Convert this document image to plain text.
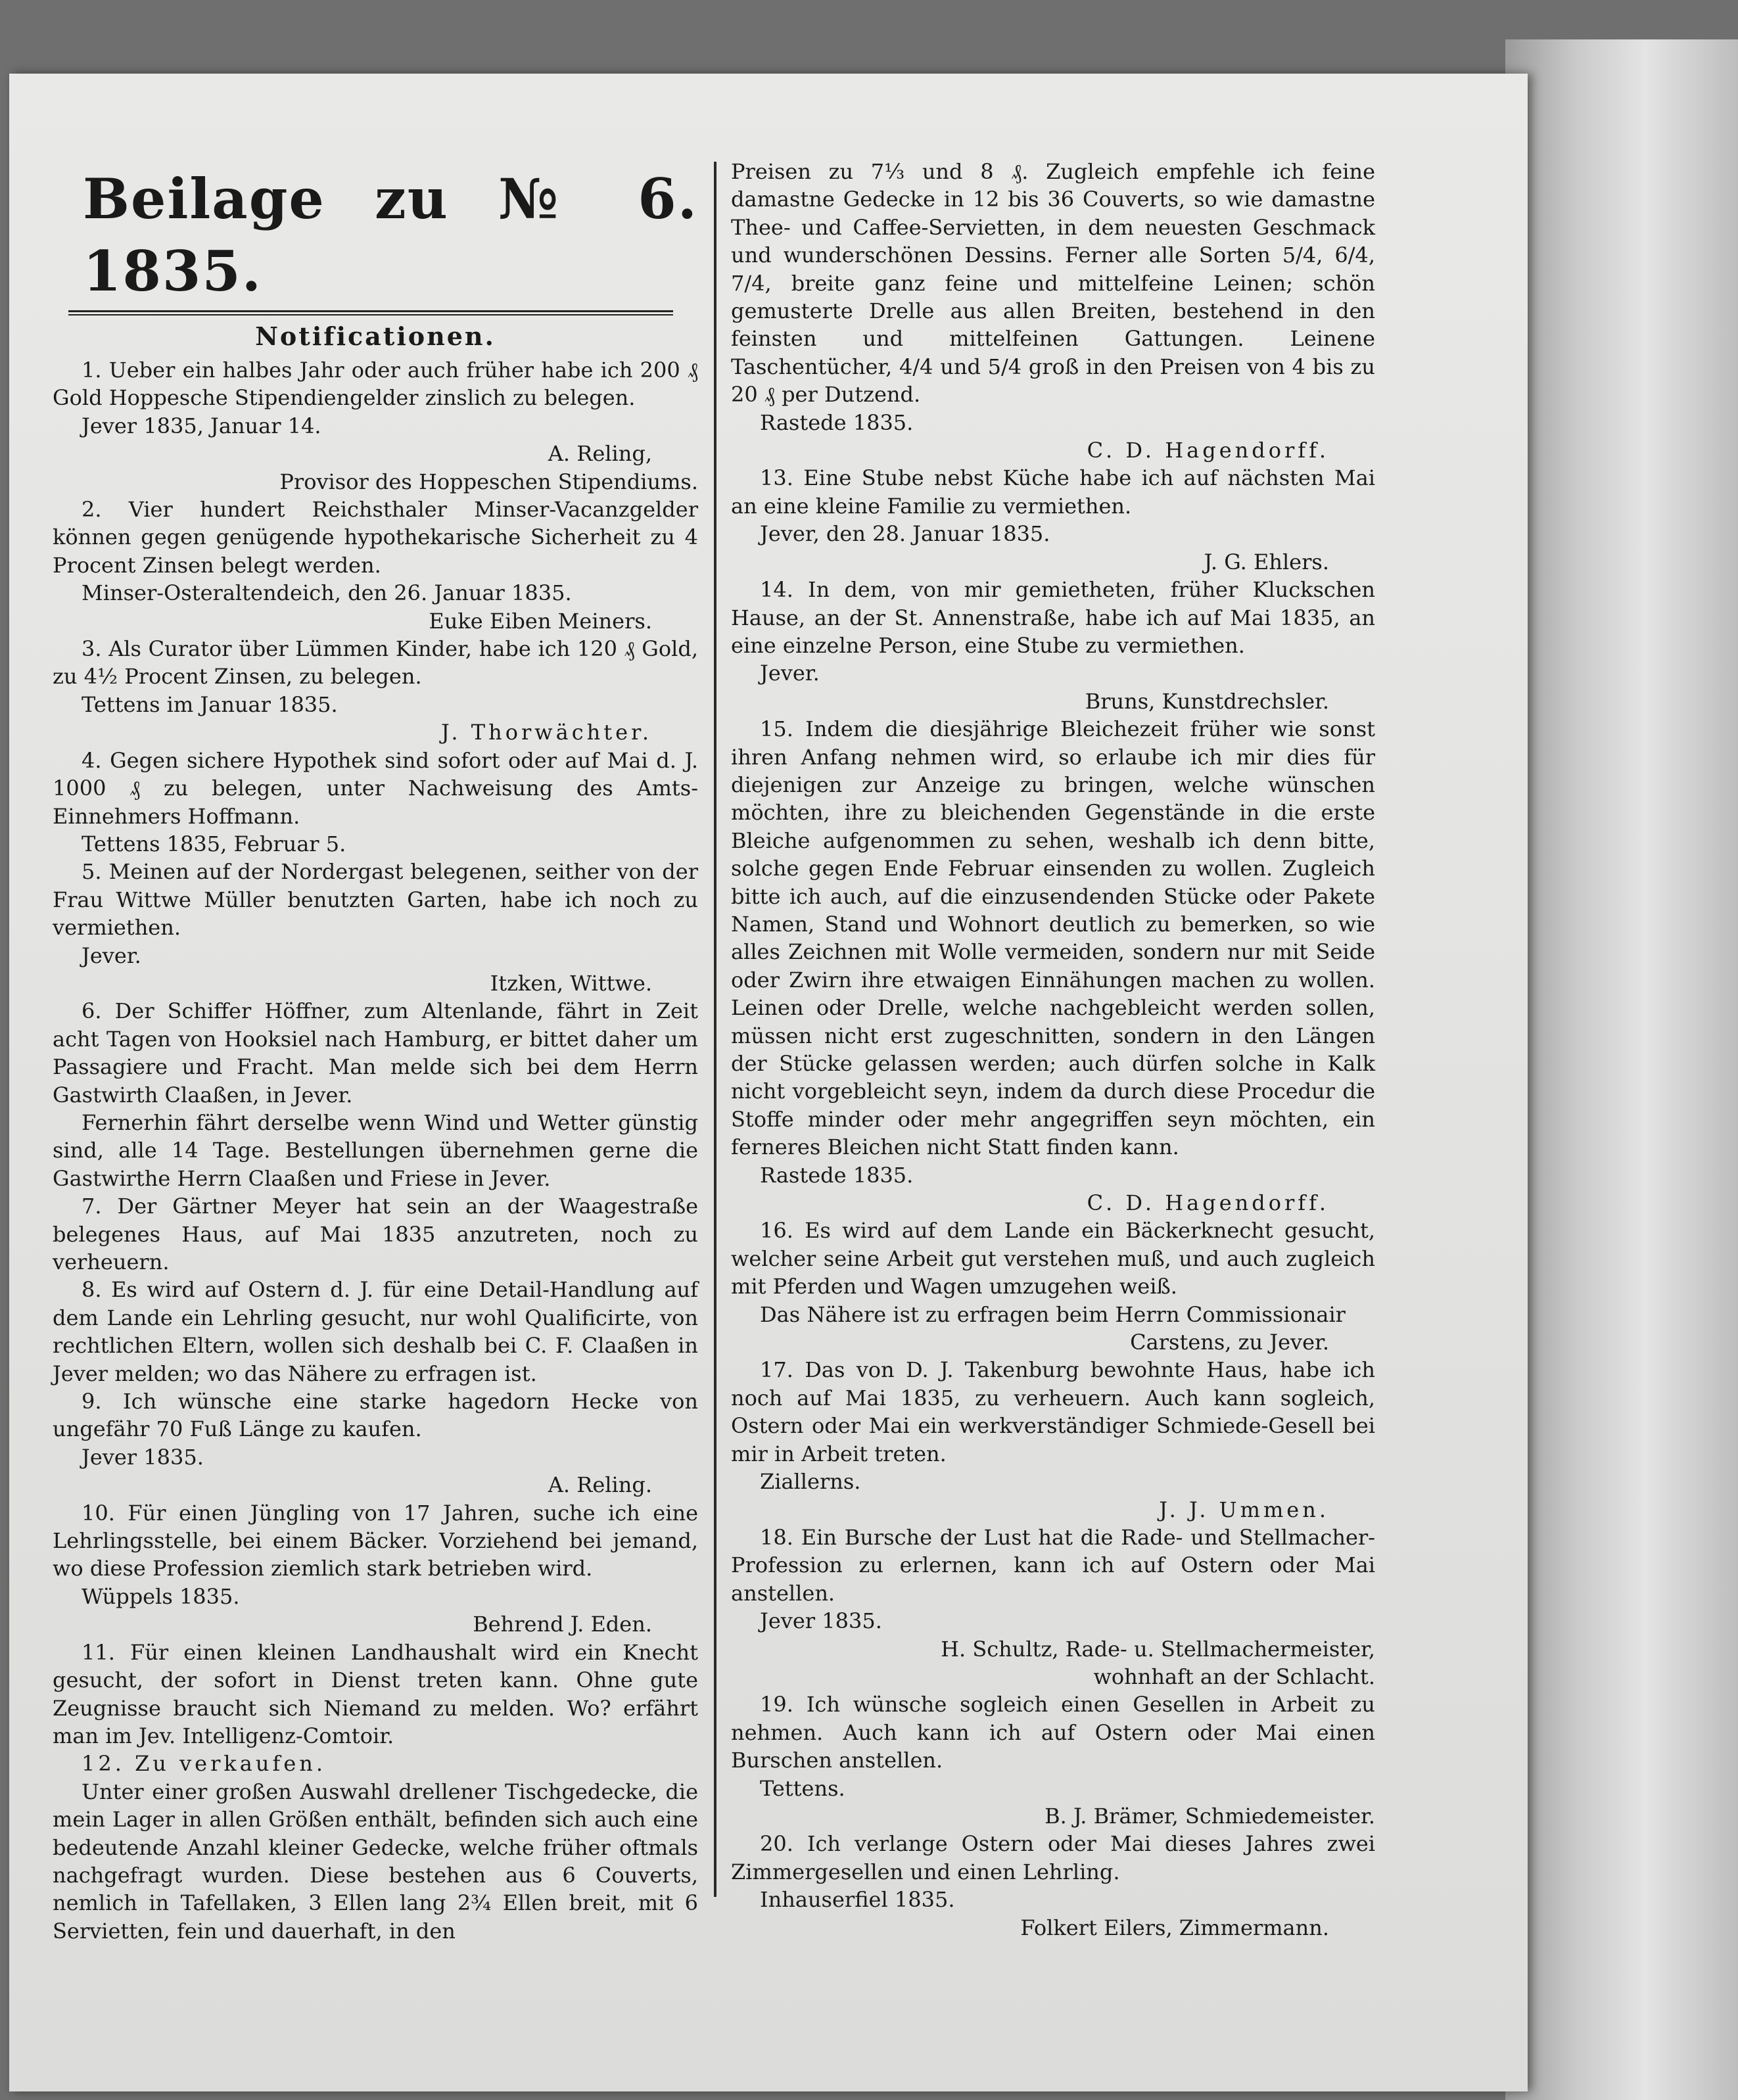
Beilage zu № 6. 1835.
Notificationen.

1. Ueber ein halbes Jahr oder auch früher habe ich 200 ₰ Gold Hoppesche Stipendiengelder zinslich zu belegen.

Jever 1835, Januar 14.

A. Reling,

Provisor des Hoppeschen Stipendiums.

2. Vier hundert Reichsthaler Minser-Vacanzgelder können gegen genügende hypothekarische Sicherheit zu 4 Procent Zinsen belegt werden.

Minser-Osteraltendeich, den 26. Januar 1835.

Euke Eiben Meiners.

3. Als Curator über Lümmen Kinder, habe ich 120 ₰ Gold, zu 4½ Procent Zinsen, zu belegen.

Tettens im Januar 1835.

J. Thorwächter.

4. Gegen sichere Hypothek sind sofort oder auf Mai d. J. 1000 ₰ zu belegen, unter Nachweisung des Amts-Einnehmers Hoffmann.

Tettens 1835, Februar 5.

5. Meinen auf der Nordergast belegenen, seither von der Frau Wittwe Müller benutzten Garten, habe ich noch zu vermiethen.

Jever.

Itzken, Wittwe.

6. Der Schiffer Höffner, zum Altenlande, fährt in Zeit acht Tagen von Hooksiel nach Hamburg, er bittet daher um Passagiere und Fracht. Man melde sich bei dem Herrn Gastwirth Claaßen, in Jever.

Fernerhin fährt derselbe wenn Wind und Wetter günstig sind, alle 14 Tage. Bestellungen übernehmen gerne die Gastwirthe Herrn Claaßen und Friese in Jever.

7. Der Gärtner Meyer hat sein an der Waagestraße belegenes Haus, auf Mai 1835 anzutreten, noch zu verheuern.

8. Es wird auf Ostern d. J. für eine Detail-Handlung auf dem Lande ein Lehrling gesucht, nur wohl Qualificirte, von rechtlichen Eltern, wollen sich deshalb bei C. F. Claaßen in Jever melden; wo das Nähere zu erfragen ist.

9. Ich wünsche eine starke hagedorn Hecke von ungefähr 70 Fuß Länge zu kaufen.

Jever 1835.

A. Reling.

10. Für einen Jüngling von 17 Jahren, suche ich eine Lehrlingsstelle, bei einem Bäcker. Vorziehend bei jemand, wo diese Profession ziemlich stark betrieben wird.

Wüppels 1835.

Behrend J. Eden.

11. Für einen kleinen Landhaushalt wird ein Knecht gesucht, der sofort in Dienst treten kann. Ohne gute Zeugnisse braucht sich Niemand zu melden. Wo? erfährt man im Jev. Intelligenz-Comtoir.

12. Zu verkaufen.

Unter einer großen Auswahl drellener Tischgedecke, die mein Lager in allen Größen enthält, befinden sich auch eine bedeutende Anzahl kleiner Gedecke, welche früher oftmals nachgefragt wurden. Diese bestehen aus 6 Couverts, nemlich in Tafellaken, 3 Ellen lang 2¾ Ellen breit, mit 6 Servietten, fein und dauerhaft, in den

Preisen zu 7⅓ und 8 ₰. Zugleich empfehle ich feine damastne Gedecke in 12 bis 36 Couverts, so wie damastne Thee- und Caffee-Servietten, in dem neuesten Geschmack und wunderschönen Dessins. Ferner alle Sorten 5/4, 6/4, 7/4, breite ganz feine und mittelfeine Leinen; schön gemusterte Drelle aus allen Breiten, bestehend in den feinsten und mittelfeinen Gattungen. Leinene Taschentücher, 4/4 und 5/4 groß in den Preisen von 4 bis zu 20 ₰ per Dutzend.

Rastede 1835.

C. D. Hagendorff.

13. Eine Stube nebst Küche habe ich auf nächsten Mai an eine kleine Familie zu vermiethen.

Jever, den 28. Januar 1835.

J. G. Ehlers.

14. In dem, von mir gemietheten, früher Kluckschen Hause, an der St. Annenstraße, habe ich auf Mai 1835, an eine einzelne Person, eine Stube zu vermiethen.

Jever.

Bruns, Kunstdrechsler.

15. Indem die diesjährige Bleichezeit früher wie sonst ihren Anfang nehmen wird, so erlaube ich mir dies für diejenigen zur Anzeige zu bringen, welche wünschen möchten, ihre zu bleichenden Gegenstände in die erste Bleiche aufgenommen zu sehen, weshalb ich denn bitte, solche gegen Ende Februar einsenden zu wollen. Zugleich bitte ich auch, auf die einzusendenden Stücke oder Pakete Namen, Stand und Wohnort deutlich zu bemerken, so wie alles Zeichnen mit Wolle vermeiden, sondern nur mit Seide oder Zwirn ihre etwaigen Einnähungen machen zu wollen. Leinen oder Drelle, welche nachgebleicht werden sollen, müssen nicht erst zugeschnitten, sondern in den Längen der Stücke gelassen werden; auch dürfen solche in Kalk nicht vorgebleicht seyn, indem da durch diese Procedur die Stoffe minder oder mehr angegriffen seyn möchten, ein ferneres Bleichen nicht Statt finden kann.

Rastede 1835.

C. D. Hagendorff.

16. Es wird auf dem Lande ein Bäckerknecht gesucht, welcher seine Arbeit gut verstehen muß, und auch zugleich mit Pferden und Wagen umzugehen weiß.

Das Nähere ist zu erfragen beim Herrn Commissionair

Carstens, zu Jever.

17. Das von D. J. Takenburg bewohnte Haus, habe ich noch auf Mai 1835, zu verheuern. Auch kann sogleich, Ostern oder Mai ein werkverständiger Schmiede-Gesell bei mir in Arbeit treten.

Ziallerns.

J. J. Ummen.

18. Ein Bursche der Lust hat die Rade- und Stellmacher-Profession zu erlernen, kann ich auf Ostern oder Mai anstellen.

Jever 1835.

H. Schultz, Rade- u. Stellmachermeister,

wohnhaft an der Schlacht.

19. Ich wünsche sogleich einen Gesellen in Arbeit zu nehmen. Auch kann ich auf Ostern oder Mai einen Burschen anstellen.

Tettens.

B. J. Brämer, Schmiedemeister.

20. Ich verlange Ostern oder Mai dieses Jahres zwei Zimmergesellen und einen Lehrling.

Inhauserfiel 1835.

Folkert Eilers, Zimmermann.
